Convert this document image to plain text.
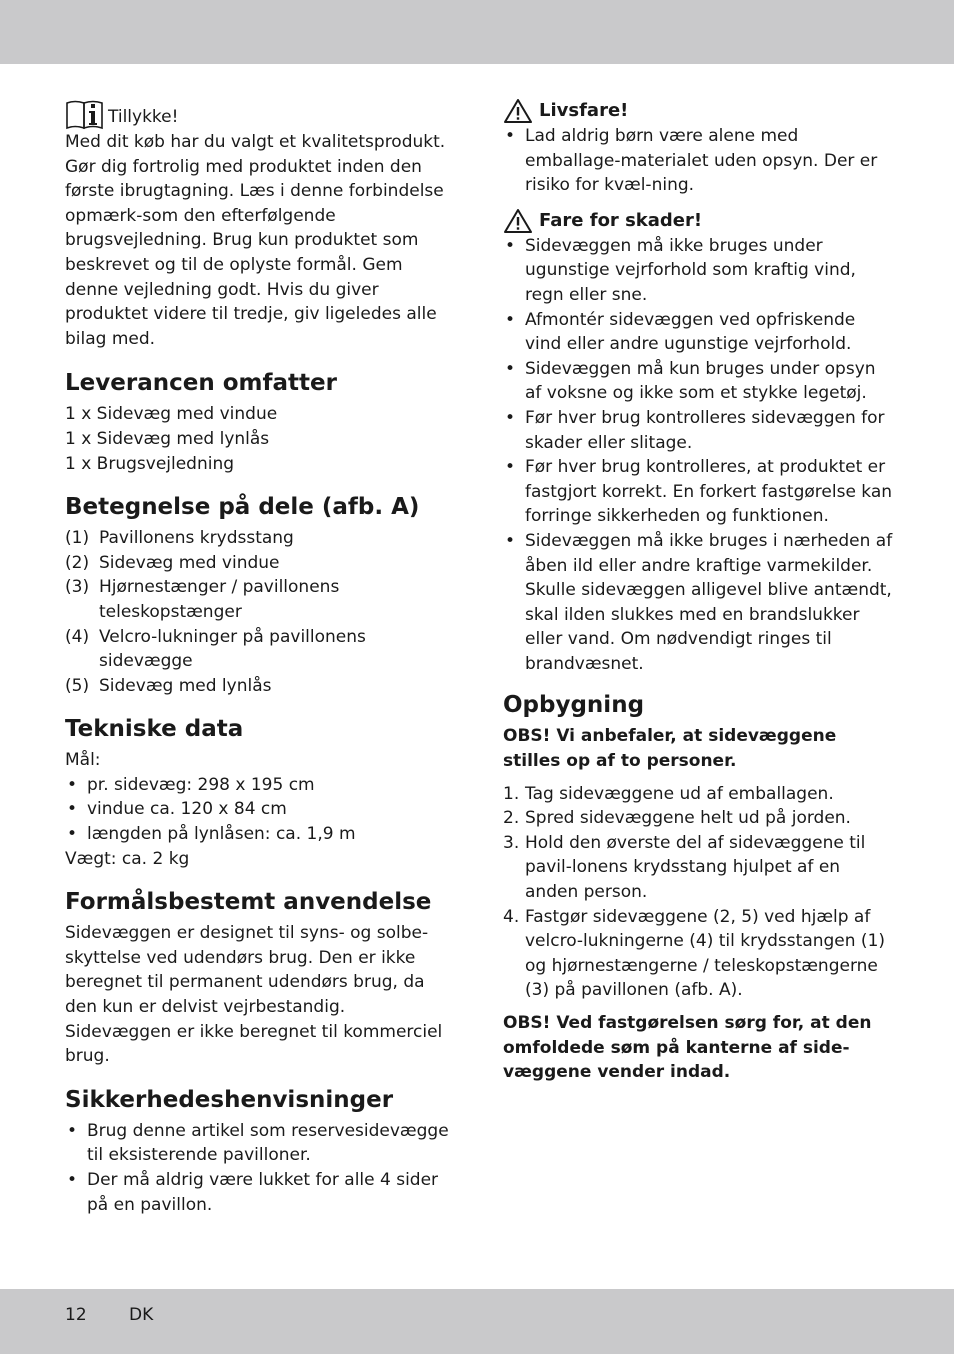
Tillykke!

Med dit køb har du valgt et kvalitetsprodukt. Gør dig fortrolig med produktet inden den første ibrugtagning. Læs i denne forbindelse opmærk-som den efterfølgende brugsvejledning. Brug kun produktet som beskrevet og til de oplyste formål. Gem denne vejledning godt. Hvis du giver produktet videre til tredje, giv ligeledes alle bilag med.

Leverancen omfatter
1 x Sidevæg med vindue
1 x Sidevæg med lynlås
1 x Brugsvejledning
Betegnelse på dele (afb. A)
(1) Pavillonens krydsstang
(2) Sidevæg med vindue
(3) Hjørnestænger / pavillonens teleskopstænger
(4) Velcro-lukninger på pavillonens sidevægge
(5) Sidevæg med lynlås
Tekniske data
Mål:
• pr. sidevæg: 298 x 195 cm
• vindue ca. 120 x 84 cm
• længden på lynlåsen: ca. 1,9 m
Vægt: ca. 2 kg
Formålsbestemt anvendelse

Sidevæggen er designet til syns- og solbe-skyttelse ved udendørs brug. Den er ikke beregnet til permanent udendørs brug, da den kun er delvist vejrbestandig. Sidevæggen er ikke beregnet til kommerciel brug.

Sikkerhedeshenvisninger
• Brug denne artikel som reservesidevægge til eksisterende pavilloner.
• Der må aldrig være lukket for alle 4 sider på en pavillon.
Livsfare!
• Lad aldrig børn være alene med emballage-materialet uden opsyn. Der er risiko for kvæl-ning.
Fare for skader!
• Sidevæggen må ikke bruges under ugunstige vejrforhold som kraftig vind, regn eller sne.
• Afmontér sidevæggen ved opfriskende vind eller andre ugunstige vejrforhold.
• Sidevæggen må kun bruges under opsyn af voksne og ikke som et stykke legetøj.
• Før hver brug kontrolleres sidevæggen for skader eller slitage.
• Før hver brug kontrolleres, at produktet er fastgjort korrekt. En forkert fastgørelse kan forringe sikkerheden og funktionen.
• Sidevæggen må ikke bruges i nærheden af åben ild eller andre kraftige varmekilder. Skulle sidevæggen alligevel blive antændt, skal ilden slukkes med en brandslukker eller vand. Om nødvendigt ringes til brandvæsnet.
Opbygning

OBS! Vi anbefaler, at sidevæggene stilles op af to personer.

1. Tag sidevæggene ud af emballagen.
2. Spred sidevæggene helt ud på jorden.
3. Hold den øverste del af sidevæggene til pavil-lonens krydsstang hjulpet af en anden person.
4. Fastgør sidevæggene (2, 5) ved hjælp af velcro-lukningerne (4) til krydsstangen (1) og hjørnestængerne / teleskopstængerne (3) på pavillonen (afb. A).

OBS! Ved fastgørelsen sørg for, at den omfoldede søm på kanterne af side-væggene vender indad.

12 DK
